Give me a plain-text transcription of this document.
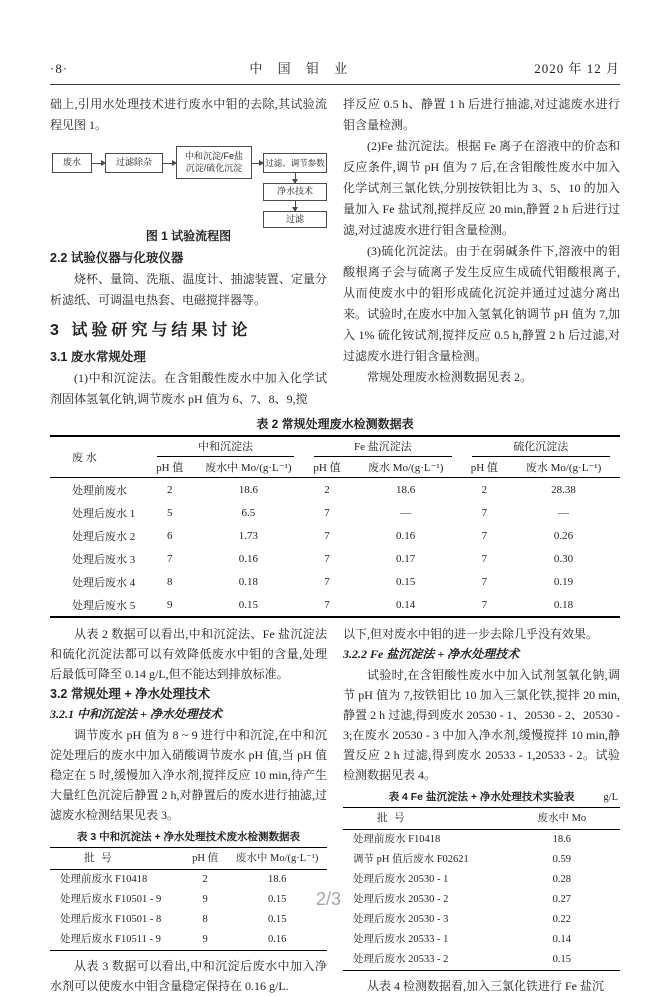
·8·	中 国 钼 业	2020 年 12 月

础上,引用水处理技术进行废水中钼的去除,其试验流程见图 1。

废水	过滤除杂
中和沉淀/Fe盐
沉淀/硫化沉淀	过滤、调节参数
净水技术
过滤
图 1 试验流程图
2.2 试验仪器与化玻仪器

烧杯、量筒、洗瓶、温度计、抽滤装置、定量分析滤纸、可调温电热套、电磁搅拌器等。

3 试验研究与结果讨论
3.1 废水常规处理

(1)中和沉淀法。在含钼酸性废水中加入化学试剂固体氢氧化钠,调节废水 pH 值为 6、7、8、9,搅

拌反应 0.5 h、静置 1 h 后进行抽滤,对过滤废水进行钼含量检测。

(2)Fe 盐沉淀法。根据 Fe 离子在溶液中的价态和反应条件,调节 pH 值为 7 后,在含钼酸性废水中加入化学试剂三氯化铁,分别按铁钼比为 3、5、10 的加入量加入 Fe 盐试剂,搅拌反应 20 min,静置 2 h 后进行过滤,对过滤废水进行钼含量检测。

(3)硫化沉淀法。由于在弱碱条件下,溶液中的钼酸根离子会与硫离子发生反应生成硫代钼酸根离子,从而使废水中的钼形成硫化沉淀并通过过滤分离出来。试验时,在废水中加入氢氧化钠调节 pH 值为 7,加入 1% 硫化铵试剂,搅拌反应 0.5 h,静置 2 h 后过滤,对过滤废水进行钼含量检测。

常规处理废水检测数据见表 2。

表 2 常规处理废水检测数据表
废 水	中和沉淀法		Fe 盐沉淀法		硫化沉淀法	

	pH 值	废水中 Mo/(g·L⁻¹)	pH 值	废水 Mo/(g·L⁻¹)	pH 值	废水 Mo/(g·L⁻¹)
处理前废水	2	18.6	2	18.6	2	28.38
处理后废水 1	5	6.5	7	—	7	—
处理后废水 2	6	1.73	7	0.16	7	0.26
处理后废水 3	7	0.16	7	0.17	7	0.30
处理后废水 4	8	0.18	7	0.15	7	0.19
处理后废水 5	9	0.15	7	0.14	7	0.18

从表 2 数据可以看出,中和沉淀法、Fe 盐沉淀法和硫化沉淀法都可以有效降低废水中钼的含量,处理后最低可降至 0.14 g/L,但不能达到排放标准。

3.2 常规处理 + 净水处理技术
3.2.1 中和沉淀法 + 净水处理技术

调节废水 pH 值为 8 ~ 9 进行中和沉淀,在中和沉淀处理后的废水中加入硝酸调节废水 pH 值,当 pH 值稳定在 5 时,缓慢加入净水剂,搅拌反应 10 min,待产生大量红色沉淀后静置 2 h,对静置后的废水进行抽滤,过滤废水检测结果见表 3。

表 3 中和沉淀法 + 净水处理技术废水检测数据表
批 号	pH 值	废水中 Mo/(g·L⁻¹)
处理前废水 F10418	2	18.6
处理后废水 F10501 - 9	9	0.15
处理后废水 F10501 - 8	8	0.15
处理后废水 F10511 - 9	9	0.16

从表 3 数据可以看出,中和沉淀后废水中加入净水剂可以使废水中钼含量稳定保持在 0.16 g/L.

以下,但对废水中钼的进一步去除几乎没有效果。

3.2.2 Fe 盐沉淀法 + 净水处理技术

试验时,在含钼酸性废水中加入试剂氢氧化钠,调节 pH 值为 7,按铁钼比 10 加入三氯化铁,搅拌 20 min,静置 2 h 过滤,得到废水 20530 - 1、20530 - 2、20530 - 3;在废水 20530 - 3 中加入净水剂,缓慢搅拌 10 min,静置反应 2 h 过滤,得到废水 20533 - 1,20533 - 2。试验检测数据见表 4。

表 4 Fe 盐沉淀法 + 净水处理技术实验表	g/L
批 号	废水中 Mo
处理前废水 F10418	18.6
调节 pH 值后废水 F02621	0.59
处理后废水 20530 - 1	0.28
处理后废水 20530 - 2	0.27
处理后废水 20530 - 3	0.22
处理后废水 20533 - 1	0.14
处理后废水 20533 - 2	0.15

从表 4 检测数据看,加入三氯化铁进行 Fe 盐沉

2/3
